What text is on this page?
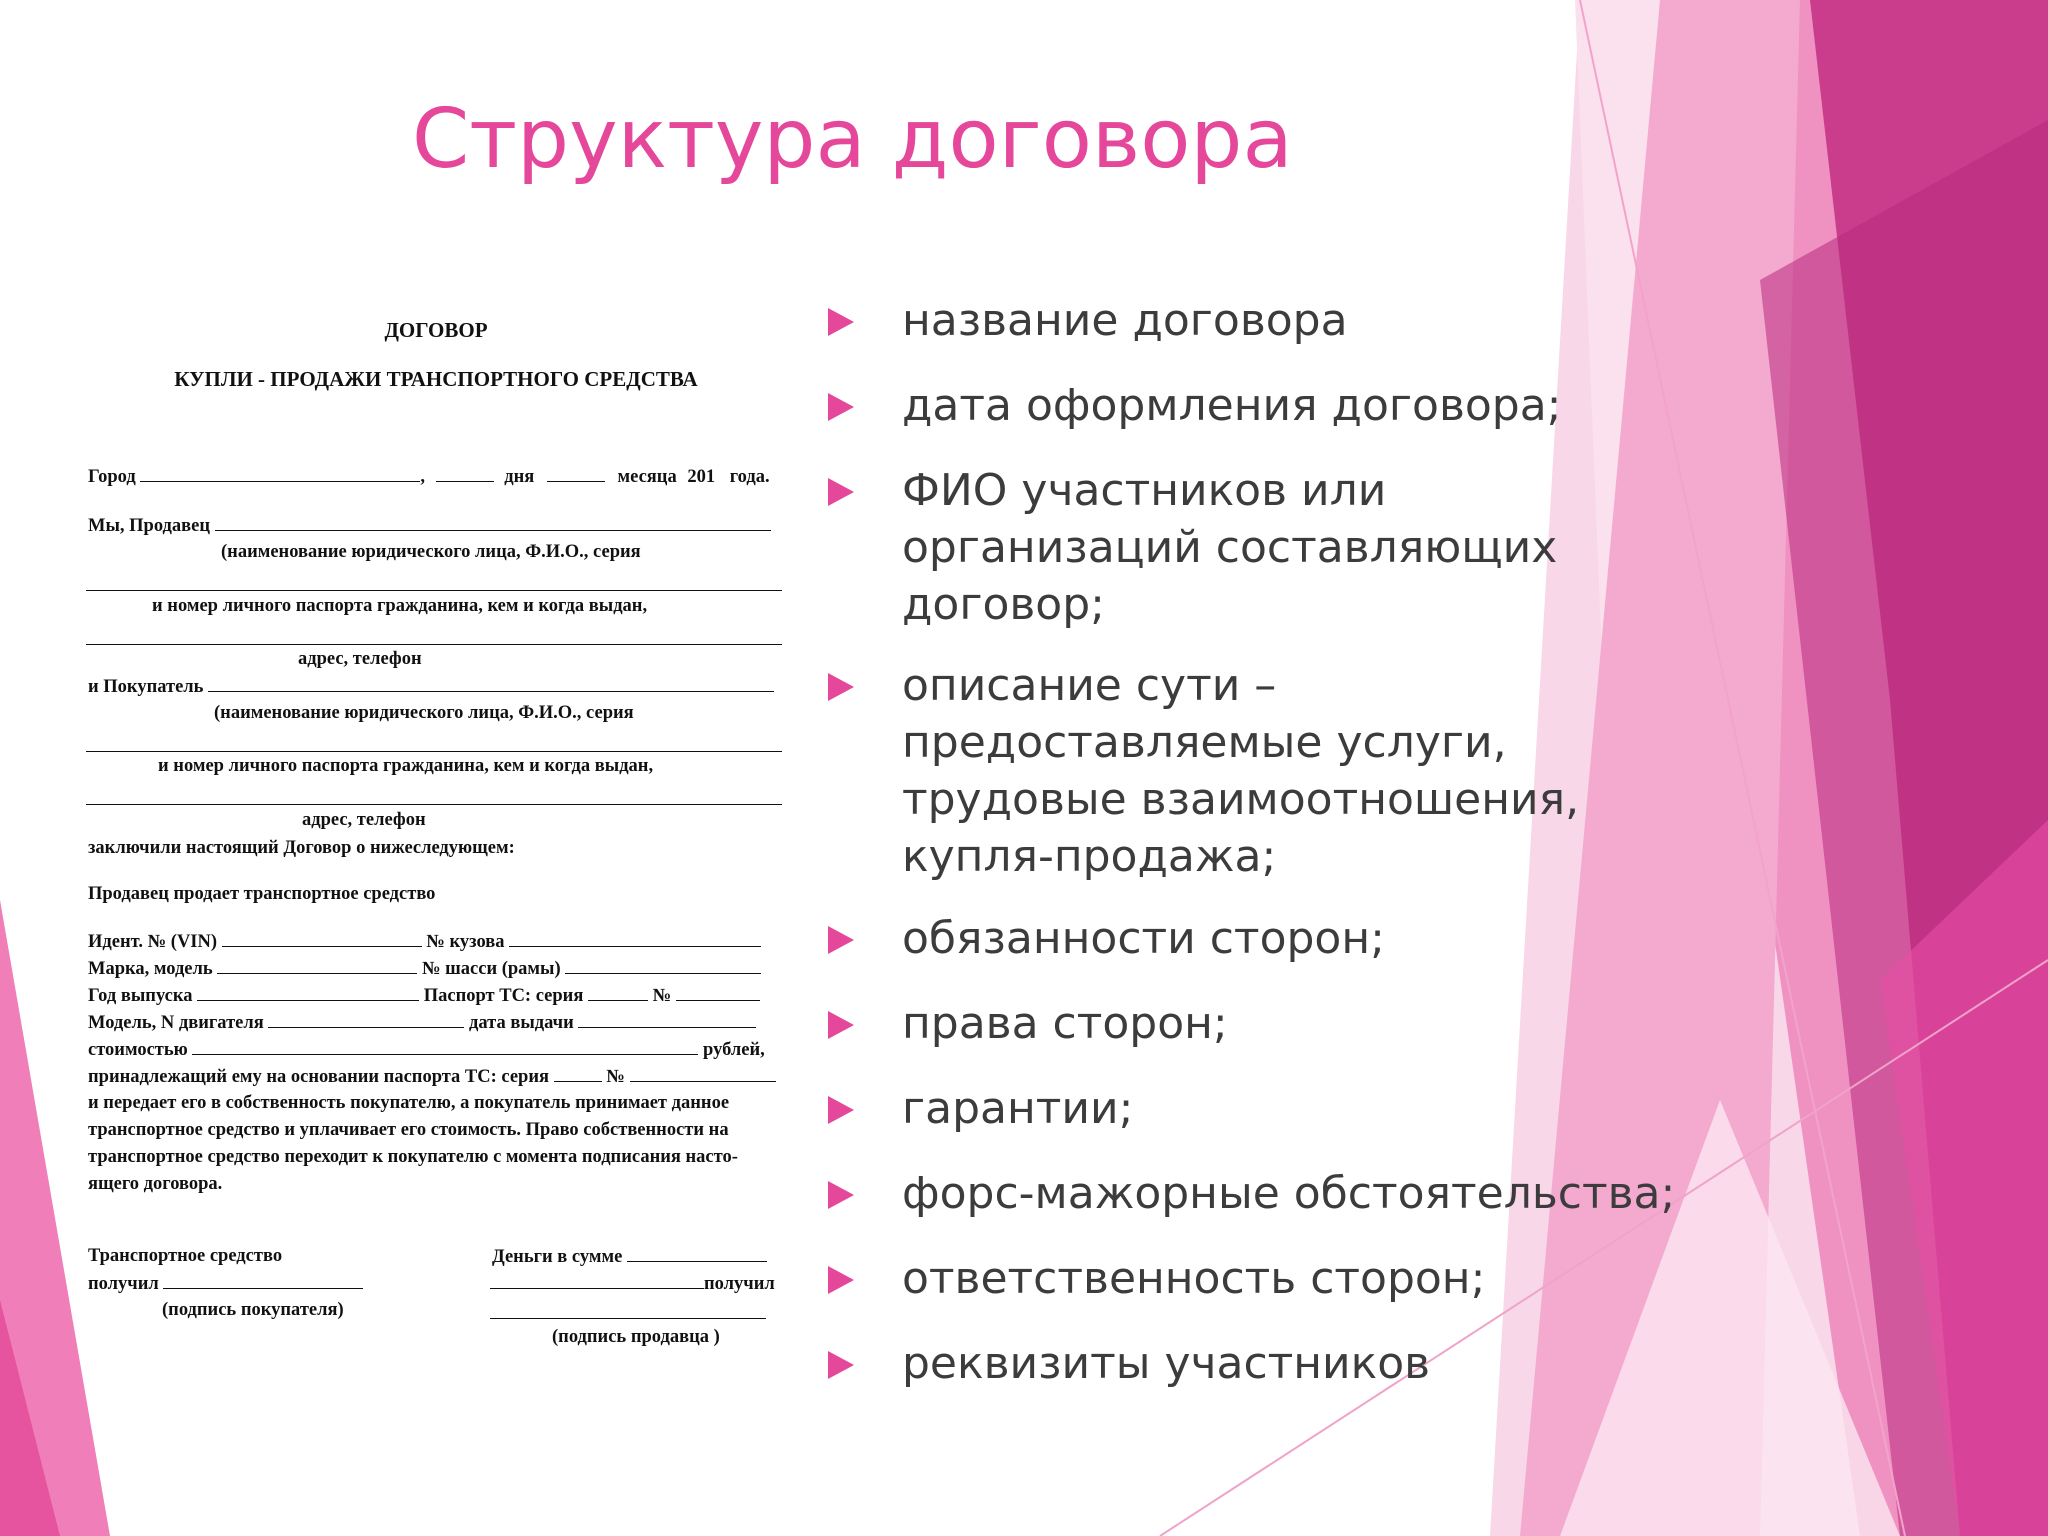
Структура договора
ДОГОВОР
КУПЛИ - ПРОДАЖИ ТРАНСПОРТНОГО СРЕДСТВА
Город	,	дня	месяца 201 года.
Мы, Продавец
(наименование юридического лица, Ф.И.О., серия
и номер личного паспорта гражданина, кем и когда выдан,
адрес, телефон
и Покупатель
(наименование юридического лица, Ф.И.О., серия
и номер личного паспорта гражданина, кем и когда выдан,
адрес, телефон
заключили настоящий Договор о нижеследующем:
Продавец продает транспортное средство
Идент. № (VIN)	№ кузова
Марка, модель	№ шасси (рамы)
Год выпуска	Паспорт ТС: серия	№
Модель, N двигателя	дата выдачи
стоимостью	рублей,
принадлежащий ему на основании паспорта ТС: серия	№
и передает его в собственность покупателю, а покупатель принимает данное
транспортное средство и уплачивает его стоимость. Право собственности на
транспортное средство переходит к покупателю с момента подписания насто-
ящего договора.
Транспортное средство
получил
(подпись покупателя)
Деньги в сумме
получил
(подпись продавца )
название договора
дата оформления договора;
ФИО участников или
организаций составляющих
договор;
описание сути –
предоставляемые услуги,
трудовые взаимоотношения,
купля-продажа;
обязанности сторон;
права сторон;
гарантии;
форс-мажорные обстоятельства;
ответственность сторон;
реквизиты участников
